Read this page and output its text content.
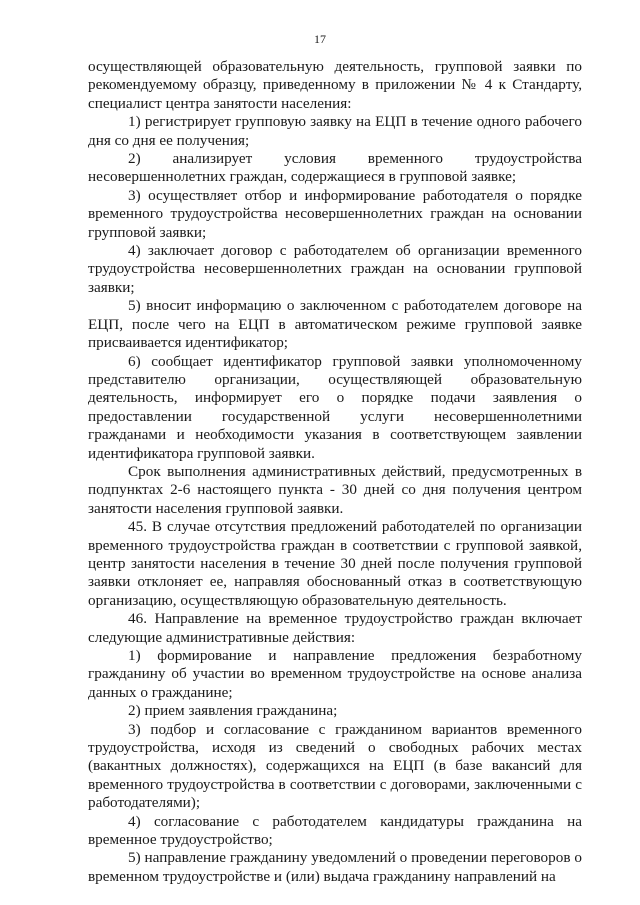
17

осуществляющей образовательную деятельность, групповой заявки по рекомендуемому образцу, приведенному в приложении № 4 к Стандарту, специалист центра занятости населения:

1) регистрирует групповую заявку на ЕЦП в течение одного рабочего дня со дня ее получения;

2) анализирует условия временного трудоустройства несовершеннолетних граждан, содержащиеся в групповой заявке;

3) осуществляет отбор и информирование работодателя о порядке временного трудоустройства несовершеннолетних граждан на основании групповой заявки;

4) заключает договор с работодателем об организации временного трудоустройства несовершеннолетних граждан на основании групповой заявки;

5) вносит информацию о заключенном с работодателем договоре на ЕЦП, после чего на ЕЦП в автоматическом режиме групповой заявке присваивается идентификатор;

6) сообщает идентификатор групповой заявки уполномоченному представителю организации, осуществляющей образовательную деятельность, информирует его о порядке подачи заявления о предоставлении государственной услуги несовершеннолетними гражданами и необходимости указания в соответствующем заявлении идентификатора групповой заявки.

Срок выполнения административных действий, предусмотренных в подпунктах 2-6 настоящего пункта - 30 дней со дня получения центром занятости населения групповой заявки.

45. В случае отсутствия предложений работодателей по организации временного трудоустройства граждан в соответствии с групповой заявкой, центр занятости населения в течение 30 дней после получения групповой заявки отклоняет ее, направляя обоснованный отказ в соответствующую организацию, осуществляющую образовательную деятельность.

46. Направление на временное трудоустройство граждан включает следующие административные действия:

1) формирование и направление предложения безработному гражданину об участии во временном трудоустройстве на основе анализа данных о гражданине;

2) прием заявления гражданина;

3) подбор и согласование с гражданином вариантов временного трудоустройства, исходя из сведений о свободных рабочих местах (вакантных должностях), содержащихся на ЕЦП (в базе вакансий для временного трудоустройства в соответствии с договорами, заключенными с работодателями);

4) согласование с работодателем кандидатуры гражданина на временное трудоустройство;

5) направление гражданину уведомлений о проведении переговоров о временном трудоустройстве и (или) выдача гражданину направлений на
